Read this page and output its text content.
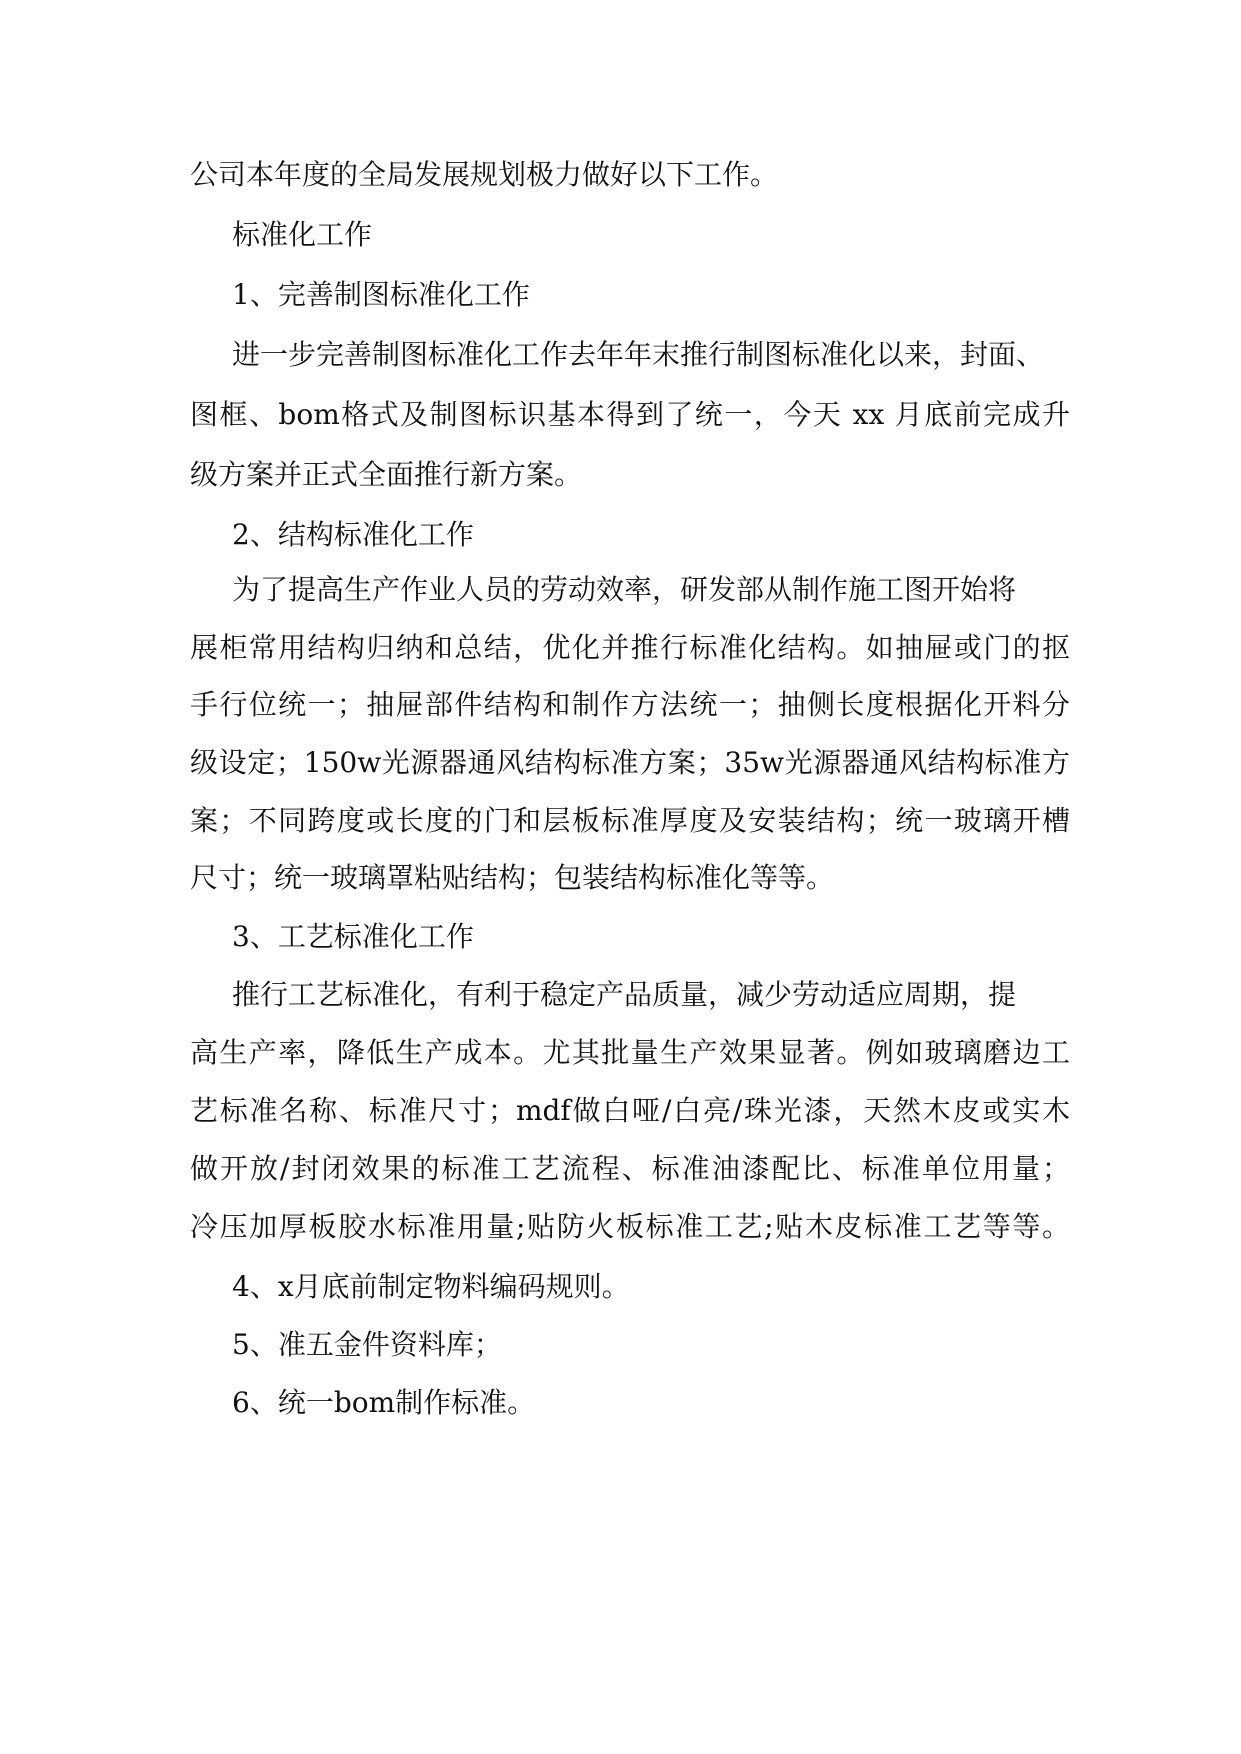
公司本年度的全局发展规划极力做好以下工作。
标准化工作
1、完善制图标准化工作
进一步完善制图标准化工作去年年末推行制图标准化以来，封面、
图框、bom格式及制图标识基本得到了统一，今天 xx 月底前完成升
级方案并正式全面推行新方案。
2、结构标准化工作
为了提高生产作业人员的劳动效率，研发部从制作施工图开始将
展柜常用结构归纳和总结，优化并推行标准化结构。如抽屉或门的抠
手行位统一；抽屉部件结构和制作方法统一；抽侧长度根据化开料分
级设定；150w光源器通风结构标准方案；35w光源器通风结构标准方
案；不同跨度或长度的门和层板标准厚度及安装结构；统一玻璃开槽
尺寸；统一玻璃罩粘贴结构；包装结构标准化等等。
3、工艺标准化工作
推行工艺标准化，有利于稳定产品质量，减少劳动适应周期，提
高生产率，降低生产成本。尤其批量生产效果显著。例如玻璃磨边工
艺标准名称、标准尺寸；mdf做白哑/白亮/珠光漆，天然木皮或实木
做开放/封闭效果的标准工艺流程、标准油漆配比、标准单位用量；
冷压加厚板胶水标准用量;贴防火板标准工艺;贴木皮标准工艺等等。
4、x月底前制定物料编码规则。
5、准五金件资料库；
6、统一bom制作标准。
